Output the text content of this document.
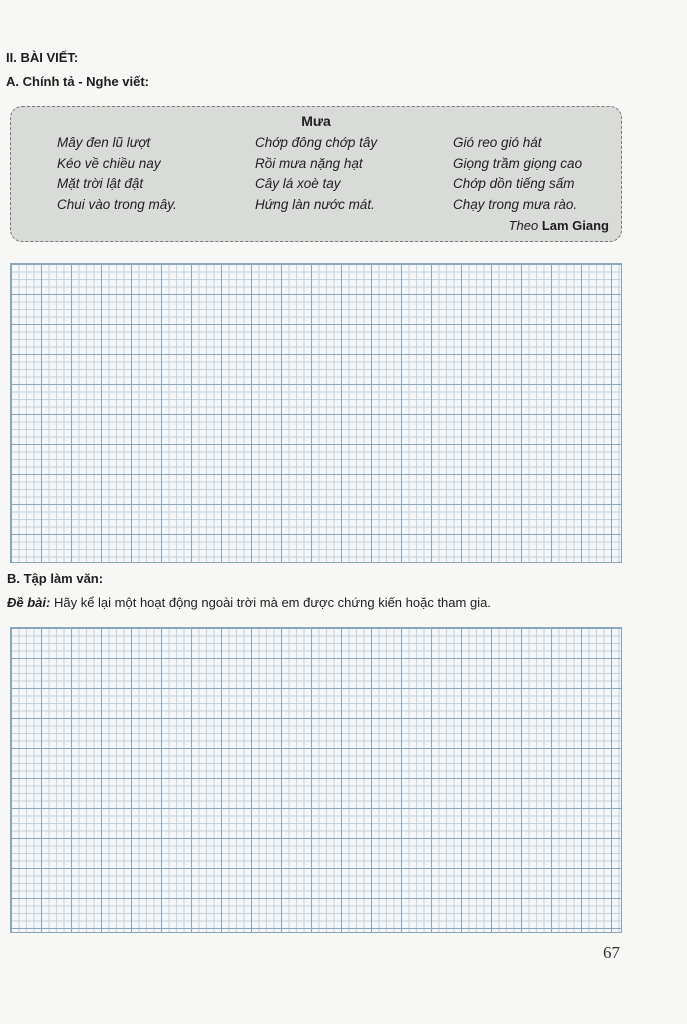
II. BÀI VIẾT:
A. Chính tả - Nghe viết:
Mưa
Mây đen lũ lượt
Kéo về chiều nay
Mặt trời lật đật
Chui vào trong mây.
Chớp đông chớp tây
Rồi mưa nặng hạt
Cây lá xoè tay
Hứng làn nước mát.
Gió reo gió hát
Giọng trầm giọng cao
Chớp dồn tiếng sấm
Chạy trong mưa rào.
Theo Lam Giang
B. Tập làm văn:
Đề bài: Hãy kể lại một hoạt động ngoài trời mà em được chứng kiến hoặc tham gia.
67
